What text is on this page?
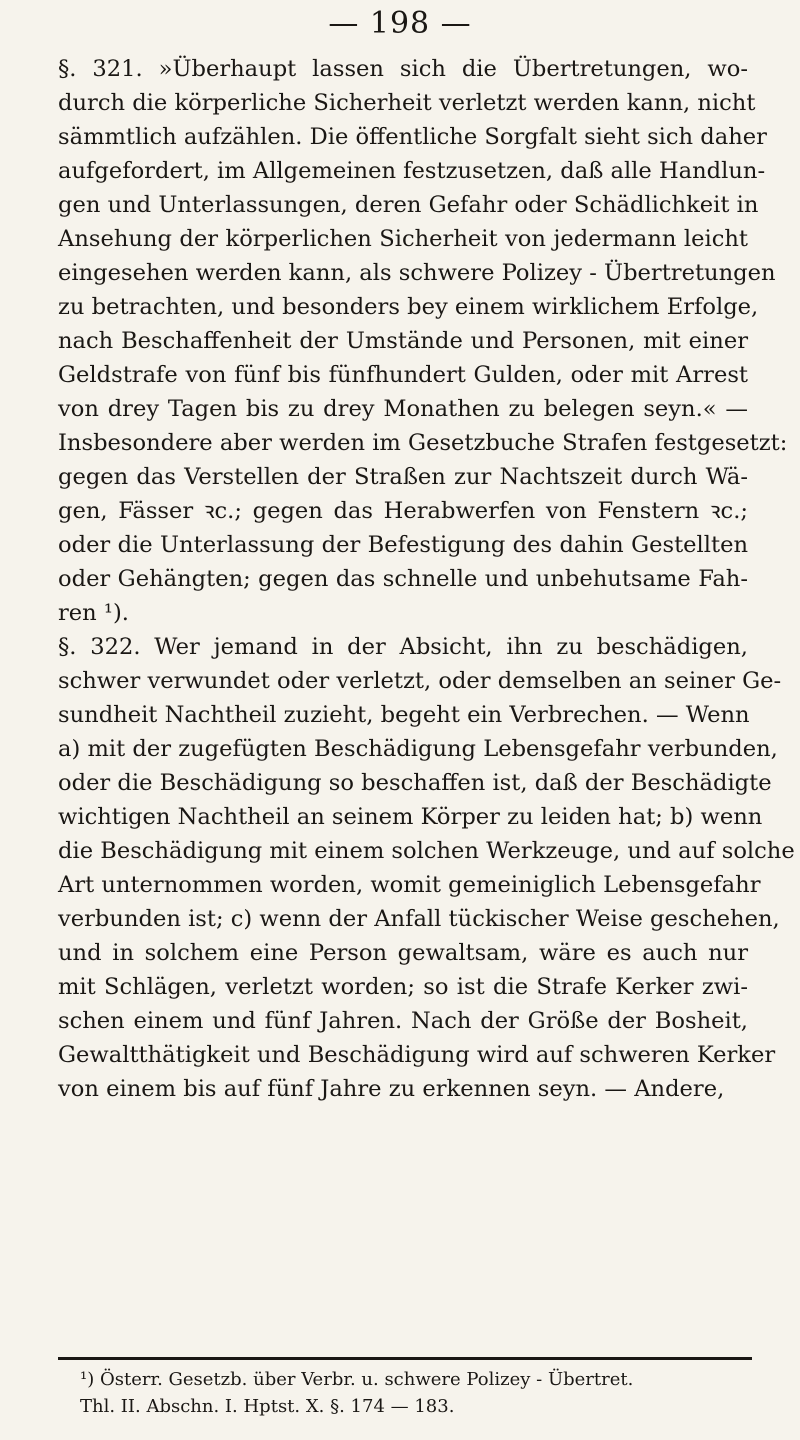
— 198 —
§. 321. »Überhaupt lassen sich die Übertretungen, wo-
durch die körperliche Sicherheit verletzt werden kann, nicht
sämmtlich aufzählen. Die öffentliche Sorgfalt sieht sich daher
aufgefordert, im Allgemeinen festzusetzen, daß alle Handlun-
gen und Unterlassungen, deren Gefahr oder Schädlichkeit in
Ansehung der körperlichen Sicherheit von jedermann leicht
eingesehen werden kann, als schwere Polizey - Übertretungen
zu betrachten, und besonders bey einem wirklichem Erfolge,
nach Beschaffenheit der Umstände und Personen, mit einer
Geldstrafe von fünf bis fünfhundert Gulden, oder mit Arrest
von drey Tagen bis zu drey Monathen zu belegen seyn.« —
Insbesondere aber werden im Gesetzbuche Strafen festgesetzt:
gegen das Verstellen der Straßen zur Nachtszeit durch Wä-
gen, Fässer ꝛc.; gegen das Herabwerfen von Fenstern ꝛc.;
oder die Unterlassung der Befestigung des dahin Gestellten
oder Gehängten; gegen das schnelle und unbehutsame Fah-
ren ¹).
§. 322. Wer jemand in der Absicht, ihn zu beschädigen,
schwer verwundet oder verletzt, oder demselben an seiner Ge-
sundheit Nachtheil zuzieht, begeht ein Verbrechen. — Wenn
a) mit der zugefügten Beschädigung Lebensgefahr verbunden,
oder die Beschädigung so beschaffen ist, daß der Beschädigte
wichtigen Nachtheil an seinem Körper zu leiden hat; b) wenn
die Beschädigung mit einem solchen Werkzeuge, und auf solche
Art unternommen worden, womit gemeiniglich Lebensgefahr
verbunden ist; c) wenn der Anfall tückischer Weise geschehen,
und in solchem eine Person gewaltsam, wäre es auch nur
mit Schlägen, verletzt worden; so ist die Strafe Kerker zwi-
schen einem und fünf Jahren. Nach der Größe der Bosheit,
Gewaltthätigkeit und Beschädigung wird auf schweren Kerker
von einem bis auf fünf Jahre zu erkennen seyn. — Andere,
¹) Österr. Gesetzb. über Verbr. u. schwere Polizey - Übertret.
Thl. II. Abschn. I. Hptst. X. §. 174 — 183.
